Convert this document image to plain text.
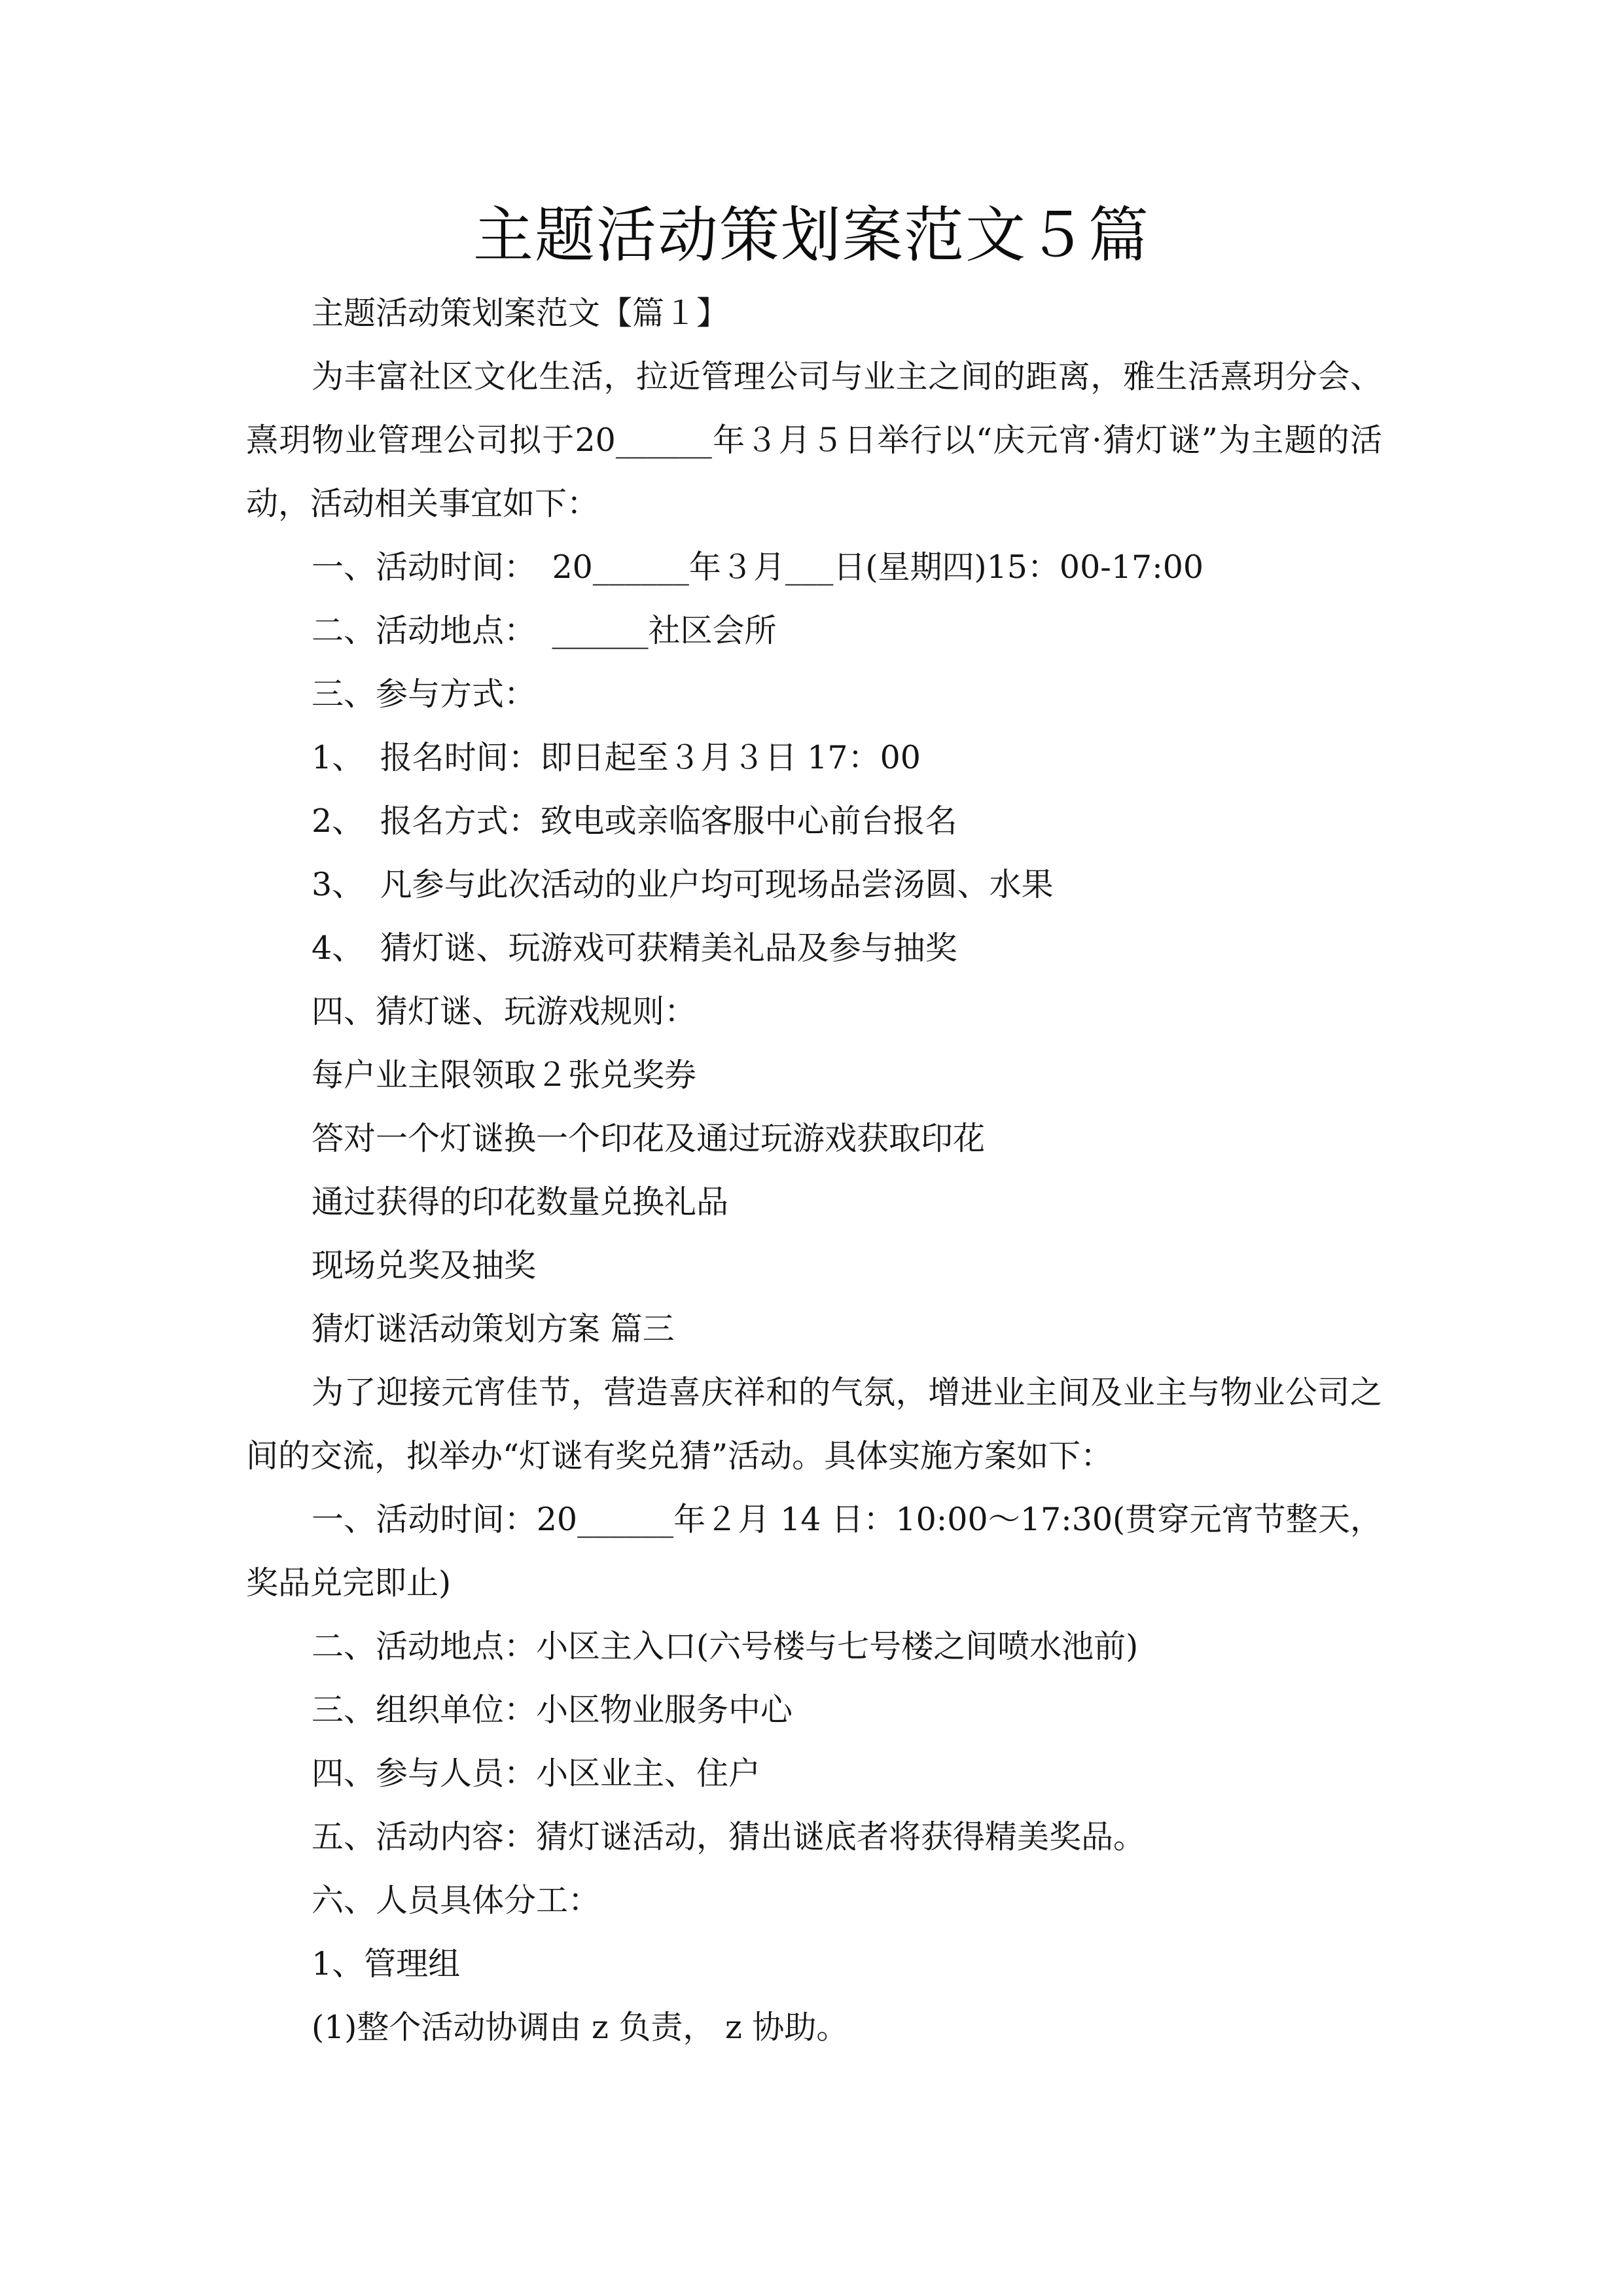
主题活动策划案范文５篇

主题活动策划案范文【篇１】

为丰富社区文化生活，拉近管理公司与业主之间的距离，雅生活熹玥分会、熹玥物业管理公司拟于20______年３月５日举行以“庆元宵·猜灯谜”为主题的活动，活动相关事宜如下：

一、活动时间：　20______年３月___日(星期四)15：00-17:00

二、活动地点：　______社区会所

三、参与方式：

1、　报名时间：即日起至３月３日 17：00

2、　报名方式：致电或亲临客服中心前台报名

3、　凡参与此次活动的业户均可现场品尝汤圆、水果

4、　猜灯谜、玩游戏可获精美礼品及参与抽奖

四、猜灯谜、玩游戏规则：

每户业主限领取２张兑奖券

答对一个灯谜换一个印花及通过玩游戏获取印花

通过获得的印花数量兑换礼品

现场兑奖及抽奖

猜灯谜活动策划方案 篇三

为了迎接元宵佳节，营造喜庆祥和的气氛，增进业主间及业主与物业公司之间的交流，拟举办“灯谜有奖兑猜”活动。具体实施方案如下：

一、活动时间：20______年２月 14 日：10:00～17:30(贯穿元宵节整天，奖品兑完即止)

二、活动地点：小区主入口(六号楼与七号楼之间喷水池前)

三、组织单位：小区物业服务中心

四、参与人员：小区业主、住户

五、活动内容：猜灯谜活动，猜出谜底者将获得精美奖品。

六、人员具体分工：

1、管理组

(1)整个活动协调由 z 负责， z 协助。
